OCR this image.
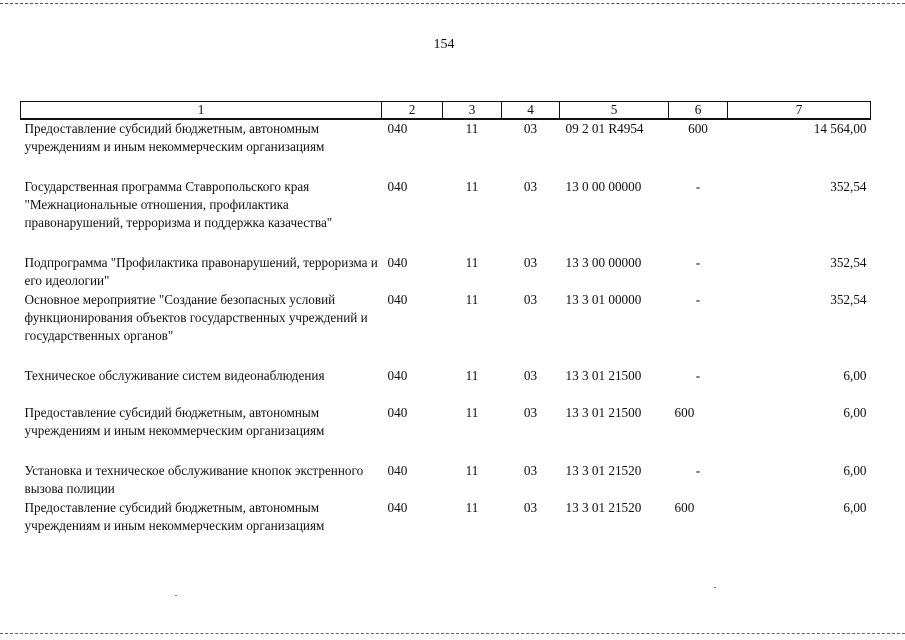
154
1	2	3	4	5	6	7
Предоставление субсидий бюджетным, автономным учреждениям и иным некоммерческим организациям	040	11	03	09 2 01 R4954	600	14 564,00
Государственная программа Ставропольского края "Межнациональные отношения, профилактика правонарушений, терроризма и поддержка казачества"	040	11	03	13 0 00 00000	-	352,54
Подпрограмма "Профилактика правонарушений, терроризма и его идеологии"	040	11	03	13 3 00 00000	-	352,54
Основное мероприятие "Создание безопасных условий функционирования объектов государственных учреждений и государственных органов"	040	11	03	13 3 01 00000	-	352,54
Техническое обслуживание систем видеонаблюдения	040	11	03	13 3 01 21500	-	6,00
Предоставление субсидий бюджетным, автономным учреждениям и иным некоммерческим организациям	040	11	03	13 3 01 21500	600	6,00
Установка и техническое обслуживание кнопок экстренного вызова полиции	040	11	03	13 3 01 21520	-	6,00
Предоставление субсидий бюджетным, автономным учреждениям и иным некоммерческим организациям	040	11	03	13 3 01 21520	600	6,00
